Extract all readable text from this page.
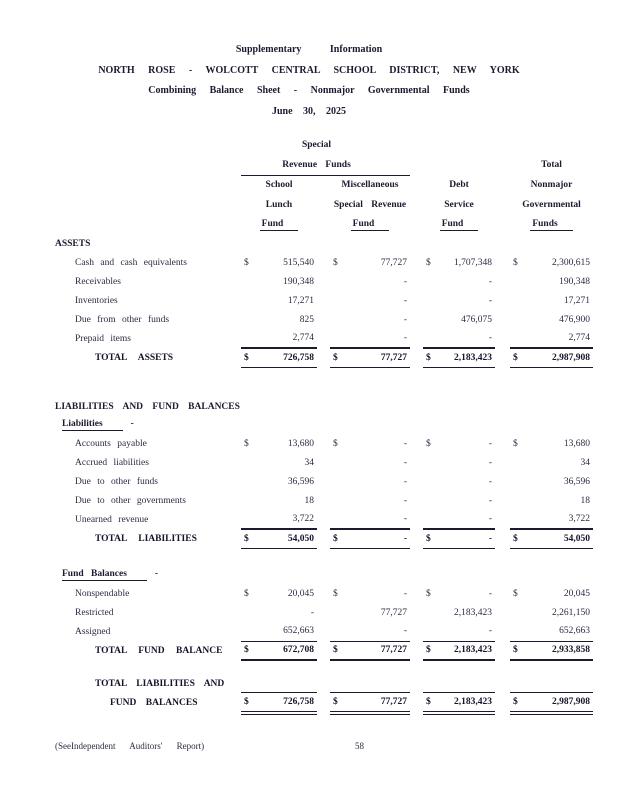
Supplementary Information
NORTH ROSE - WOLCOTT CENTRAL SCHOOL DISTRICT, NEW YORK
Combining Balance Sheet - Nonmajor Governmental Funds
June 30, 2025
	Special						
	Revenue Funds						Total
	School		Miscellaneous		Debt		Nonmajor
	Lunch		Special Revenue		Service		Governmental
	Fund		Fund		Fund		Funds
ASSETS							
Cash and cash equivalents	$ 515,540		$ 77,727		$ 1,707,348		$ 2,300,615
Receivables	190,348		-		-		190,348
Inventories	17,271		-		-		17,271
Due from other funds	825		-		476,075		476,900
Prepaid items	2,774		-		-		2,774
TOTAL ASSETS	$ 726,758		$ 77,727		$ 2,183,423		$ 2,987,908

LIABILITIES AND FUND BALANCES							
Liabilities -							
Accounts payable	$ 13,680		$ -		$ -		$ 13,680
Accrued liabilities	34		-		-		34
Due to other funds	36,596		-		-		36,596
Due to other governments	18		-		-		18
Unearned revenue	3,722		-		-		3,722
TOTAL LIABILITIES	$ 54,050		$ -		$ -		$ 54,050

Fund Balances -							
Nonspendable	$ 20,045		$ -		$ -		$ 20,045
Restricted	-		77,727		2,183,423		2,261,150
Assigned	652,663		-		-		652,663
TOTAL FUND BALANCE	$ 672,708		$ 77,727		$ 2,183,423		$ 2,933,858

TOTAL LIABILITIES AND							
FUND BALANCES	$ 726,758		$ 77,727		$ 2,183,423		$ 2,987,908
(SeeIndependent Auditors' Report)	58
